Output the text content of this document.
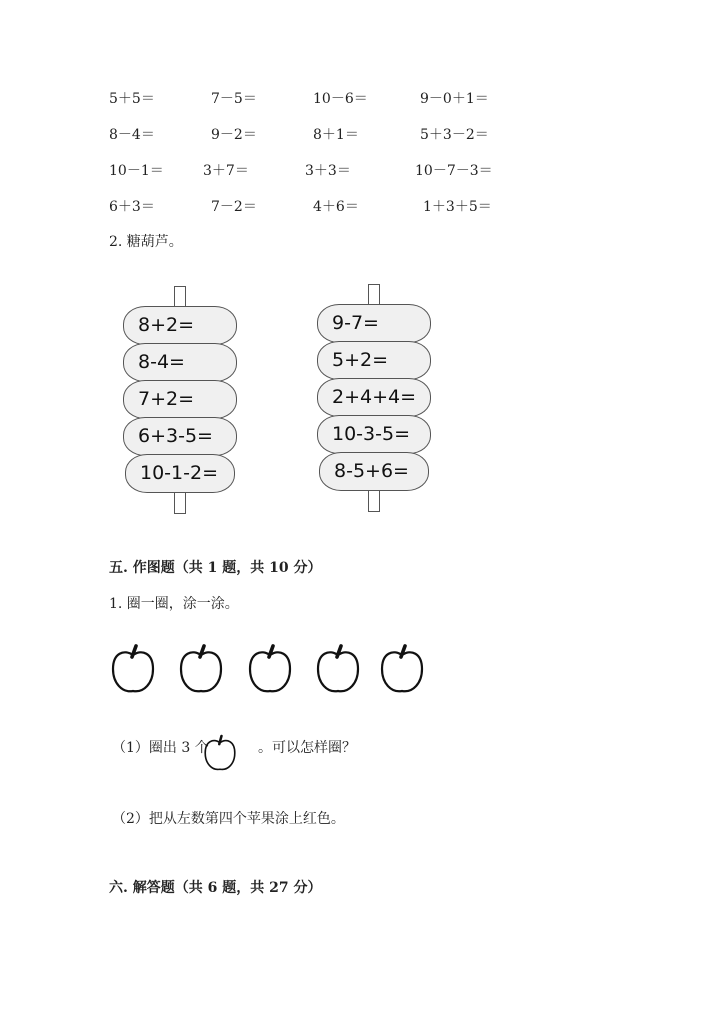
5＋5＝	7－5＝	10－6＝	9－0＋1＝
8－4＝	9－2＝	8＋1＝	5＋3－2＝
10－1＝	3＋7＝	3＋3＝	10－7－3＝
6＋3＝	7－2＝	4＋6＝	1＋3＋5＝
2. 糖葫芦。
8+2=
8-4=
7+2=
6+3-5=
10-1-2=
9-7=
5+2=
2+4+4=
10-3-5=
8-5+6=
五. 作图题（共 1 题，共 10 分）
1. 圈一圈，涂一涂。
（1）圈出 3 个	。可以怎样圈？
（2）把从左数第四个苹果涂上红色。
六. 解答题（共 6 题，共 27 分）
